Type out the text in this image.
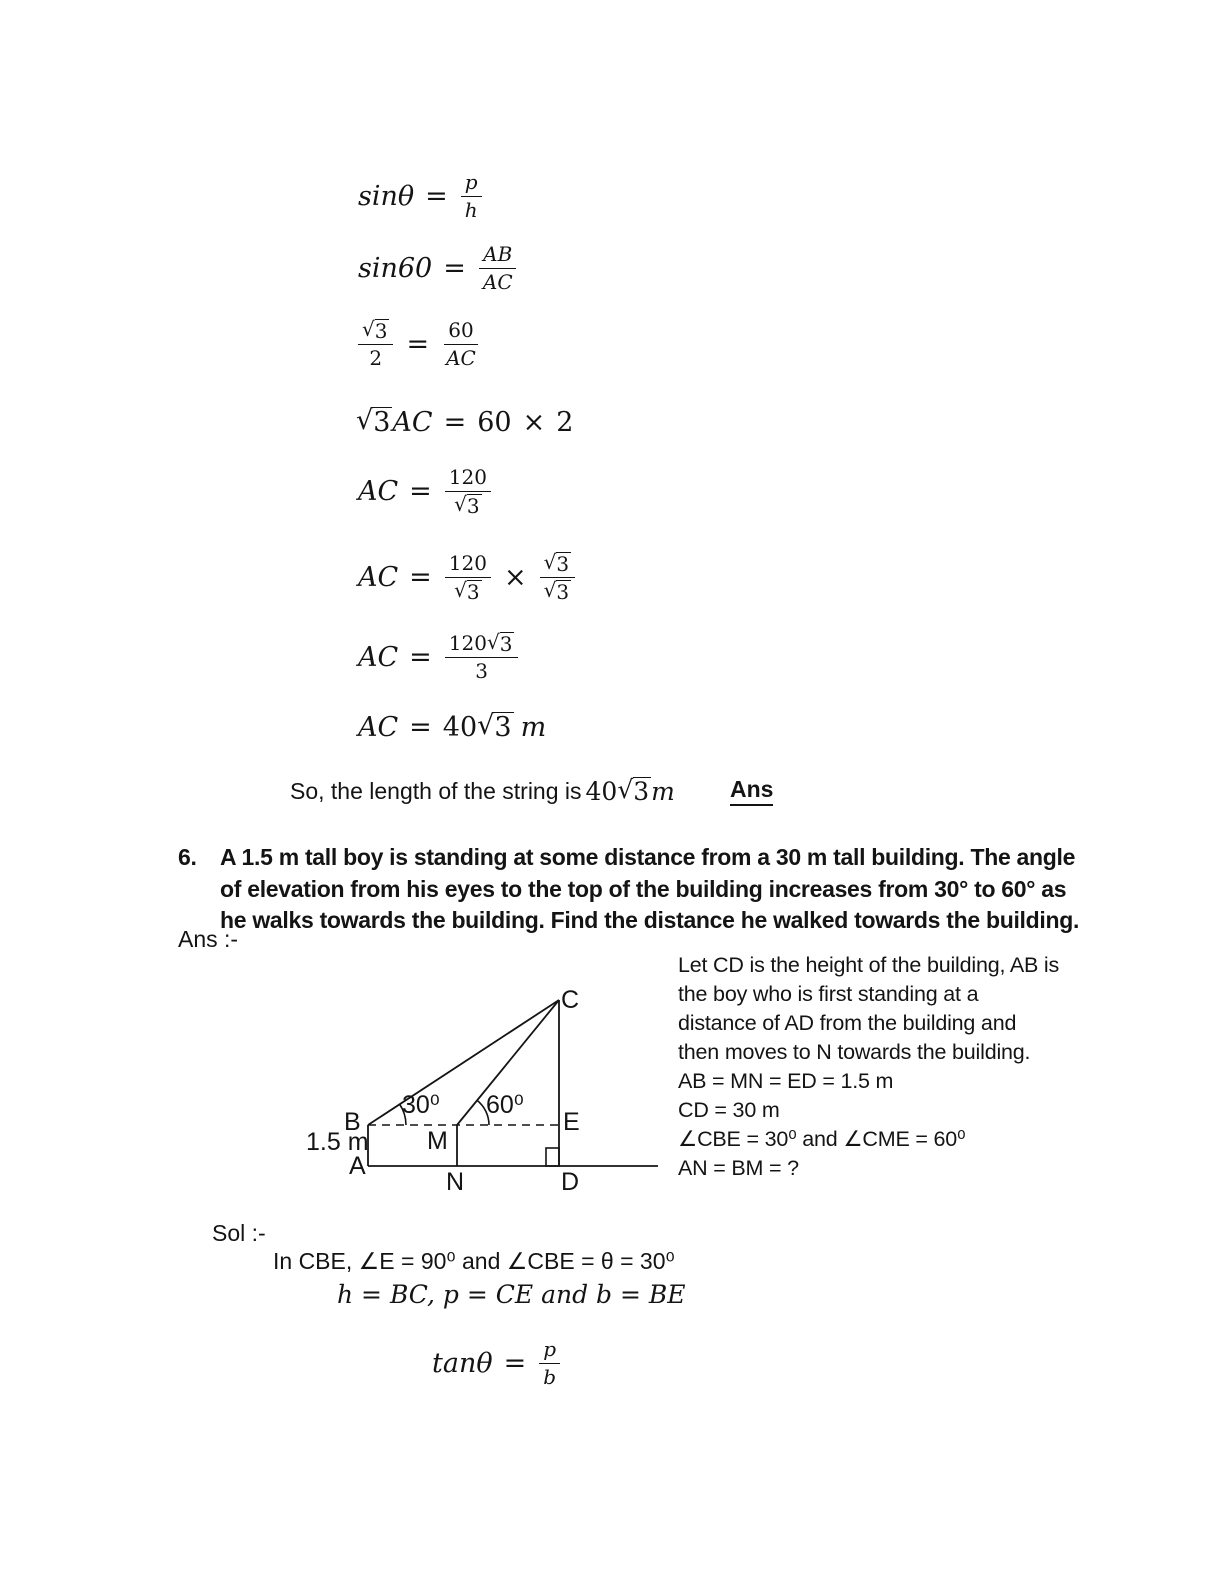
$\sin\theta = \frac{p}{h}$
$\sin 60 = \frac{AB}{AC}$
$\frac{√ 3}{2} = \frac{60}{AC}$
√ 3 AC = 60 × 2
AC = $\frac{120}{√ 3}$
AC = $\frac{120}{√ 3} \times \frac{√ 3}{√ 3}$
AC = $\frac{120 √ 3}{3}$
AC = 40 √ 3 m
So, the length of the string is 40 √ 3 m Ans
6.	A 1.5 m tall boy is standing at some distance from a 30 m tall building. The angle
of elevation from his eyes to the top of the building increases from 30° to 60° as
he walks towards the building. Find the distance he walked towards the building.
Ans :-
C
B
M
E
A
N	D
1.5 m
30⁰ 60⁰
Let CD is the height of the building, AB is
the boy who is first standing at a
distance of AD from the building and
then moves to N towards the building.
AB = MN = ED = 1.5 m
CD = 30 m
∠CBE = 30⁰ and ∠CME = 60⁰
AN = BM = ?
Sol :-
In CBE, ∠E = 90⁰ and ∠CBE = θ = 30⁰
h = BC, p = CE and b = BE
$\tan\theta = \frac{p}{b}$
